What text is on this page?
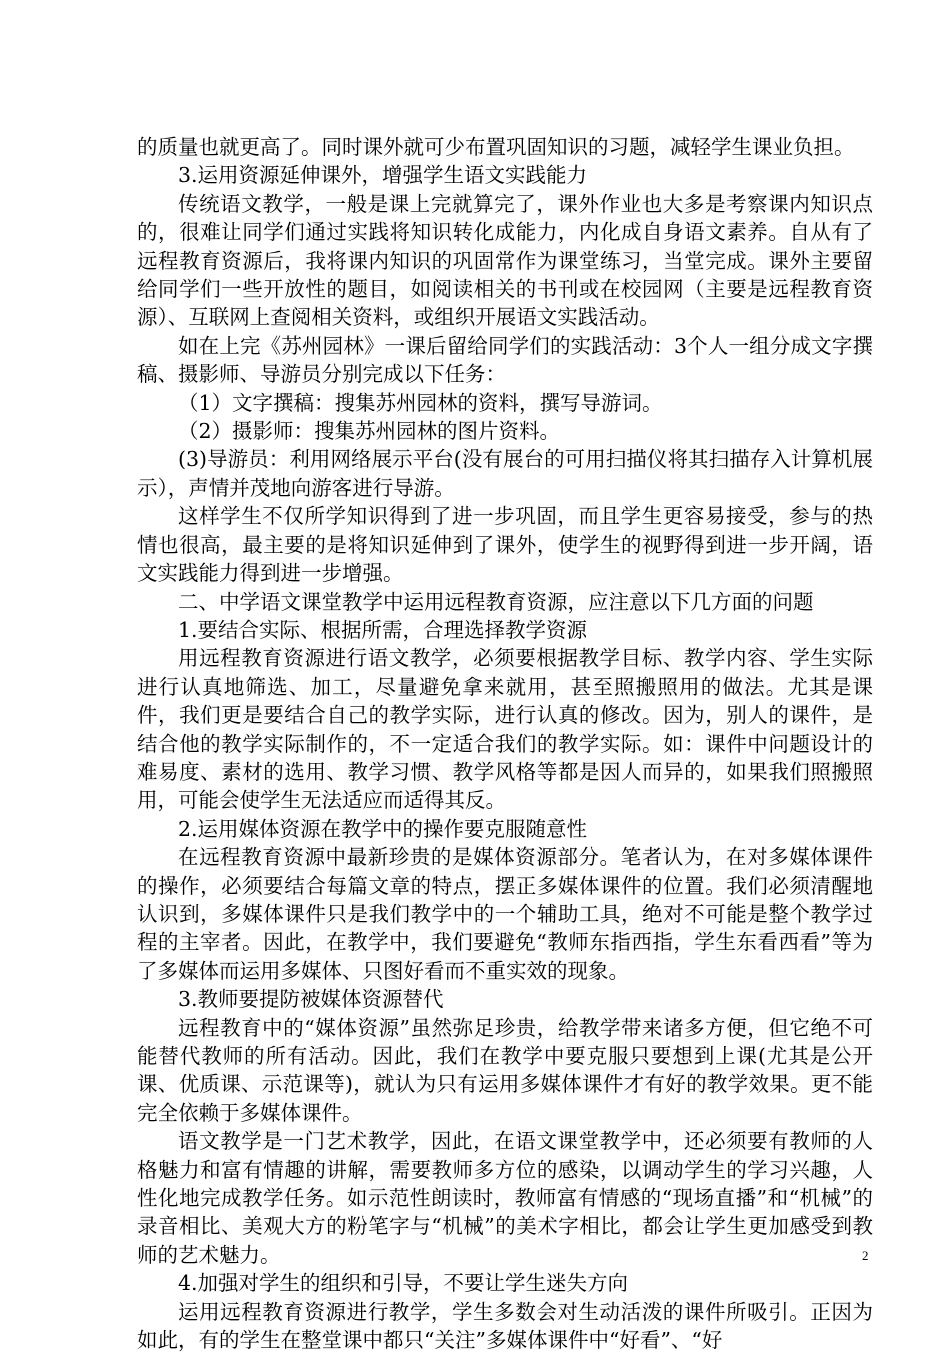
的质量也就更高了。同时课外就可少布置巩固知识的习题，减轻学生课业负担。

3.运用资源延伸课外，增强学生语文实践能力

传统语文教学，一般是课上完就算完了，课外作业也大多是考察课内知识点的，很难让同学们通过实践将知识转化成能力，内化成自身语文素养。自从有了远程教育资源后，我将课内知识的巩固常作为课堂练习，当堂完成。课外主要留给同学们一些开放性的题目，如阅读相关的书刊或在校园网（主要是远程教育资源）、互联网上查阅相关资料，或组织开展语文实践活动。

如在上完《苏州园林》一课后留给同学们的实践活动：3个人一组分成文字撰稿、摄影师、导游员分别完成以下任务：

（1）文字撰稿：搜集苏州园林的资料，撰写导游词。

（2）摄影师：搜集苏州园林的图片资料。

(3)导游员：利用网络展示平台(没有展台的可用扫描仪将其扫描存入计算机展示），声情并茂地向游客进行导游。

这样学生不仅所学知识得到了进一步巩固，而且学生更容易接受，参与的热情也很高，最主要的是将知识延伸到了课外，使学生的视野得到进一步开阔，语文实践能力得到进一步增强。

二、中学语文课堂教学中运用远程教育资源，应注意以下几方面的问题

1.要结合实际、根据所需，合理选择教学资源

用远程教育资源进行语文教学，必须要根据教学目标、教学内容、学生实际进行认真地筛选、加工，尽量避免拿来就用，甚至照搬照用的做法。尤其是课件，我们更是要结合自己的教学实际，进行认真的修改。因为，别人的课件，是结合他的教学实际制作的，不一定适合我们的教学实际。如：课件中问题设计的难易度、素材的选用、教学习惯、教学风格等都是因人而异的，如果我们照搬照用，可能会使学生无法适应而适得其反。

2.运用媒体资源在教学中的操作要克服随意性

在远程教育资源中最新珍贵的是媒体资源部分。笔者认为，在对多媒体课件的操作，必须要结合每篇文章的特点，摆正多媒体课件的位置。我们必须清醒地认识到，多媒体课件只是我们教学中的一个辅助工具，绝对不可能是整个教学过程的主宰者。因此，在教学中，我们要避免“教师东指西指，学生东看西看”等为了多媒体而运用多媒体、只图好看而不重实效的现象。

3.教师要提防被媒体资源替代

远程教育中的“媒体资源”虽然弥足珍贵，给教学带来诸多方便，但它绝不可能替代教师的所有活动。因此，我们在教学中要克服只要想到上课(尤其是公开课、优质课、示范课等)，就认为只有运用多媒体课件才有好的教学效果。更不能完全依赖于多媒体课件。

语文教学是一门艺术教学，因此，在语文课堂教学中，还必须要有教师的人格魅力和富有情趣的讲解，需要教师多方位的感染，以调动学生的学习兴趣，人性化地完成教学任务。如示范性朗读时，教师富有情感的“现场直播”和“机械”的录音相比、美观大方的粉笔字与“机械”的美术字相比，都会让学生更加感受到教师的艺术魅力。

4.加强对学生的组织和引导，不要让学生迷失方向

运用远程教育资源进行教学，学生多数会对生动活泼的课件所吸引。正因为如此，有的学生在整堂课中都只“关注”多媒体课件中“好看”、“好

2
